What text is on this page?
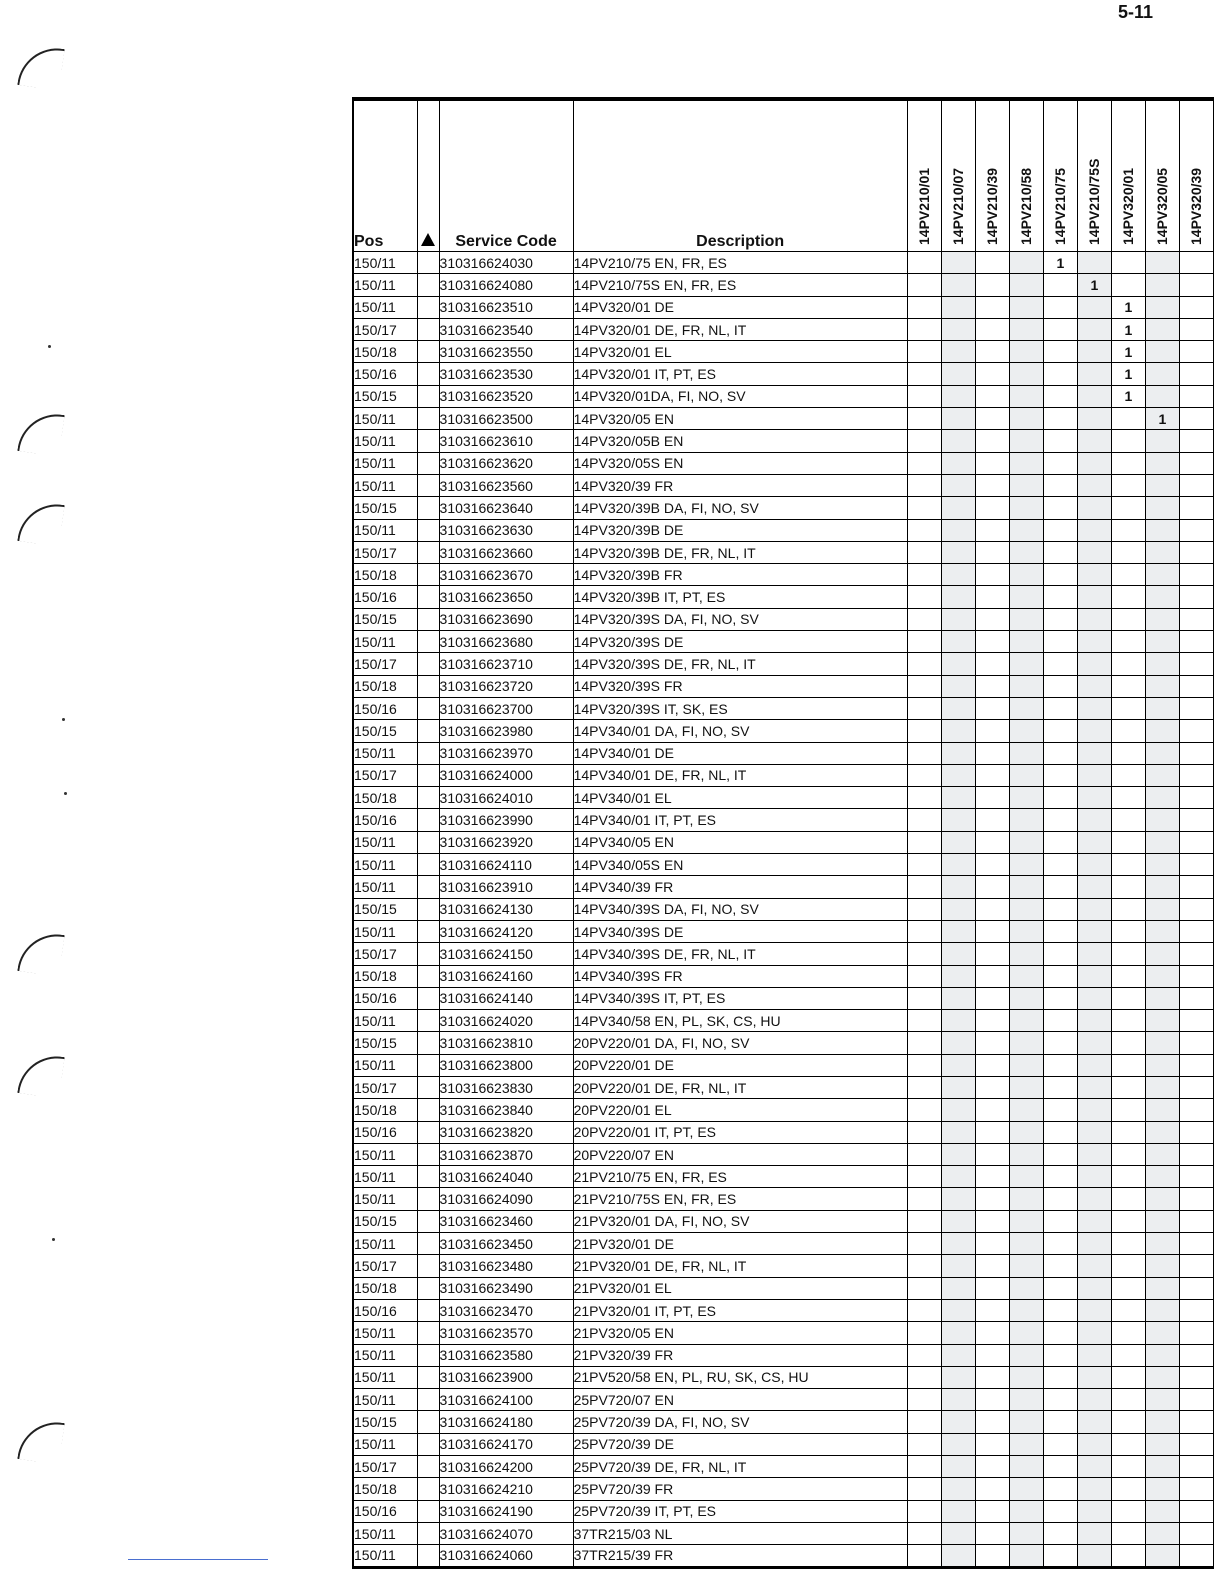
5-11
Pos		Service Code	Description	14PV210/01	14PV210/07	14PV210/39	14PV210/58	14PV210/75	14PV210/75S	14PV320/01	14PV320/05	14PV320/39

150/11		310316624030	14PV210/75 EN, FR, ES					1				
150/11		310316624080	14PV210/75S EN, FR, ES						1			
150/11		310316623510	14PV320/01 DE							1		
150/17		310316623540	14PV320/01 DE, FR, NL, IT							1		
150/18		310316623550	14PV320/01 EL							1		
150/16		310316623530	14PV320/01 IT, PT, ES							1		
150/15		310316623520	14PV320/01DA, FI, NO, SV							1		
150/11		310316623500	14PV320/05 EN								1	
150/11		310316623610	14PV320/05B EN									
150/11		310316623620	14PV320/05S EN									
150/11		310316623560	14PV320/39 FR									
150/15		310316623640	14PV320/39B DA, FI, NO, SV									
150/11		310316623630	14PV320/39B DE									
150/17		310316623660	14PV320/39B DE, FR, NL, IT									
150/18		310316623670	14PV320/39B FR									
150/16		310316623650	14PV320/39B IT, PT, ES									
150/15		310316623690	14PV320/39S DA, FI, NO, SV									
150/11		310316623680	14PV320/39S DE									
150/17		310316623710	14PV320/39S DE, FR, NL, IT									
150/18		310316623720	14PV320/39S FR									
150/16		310316623700	14PV320/39S IT, SK, ES									
150/15		310316623980	14PV340/01 DA, FI, NO, SV									
150/11		310316623970	14PV340/01 DE									
150/17		310316624000	14PV340/01 DE, FR, NL, IT									
150/18		310316624010	14PV340/01 EL									
150/16		310316623990	14PV340/01 IT, PT, ES									
150/11		310316623920	14PV340/05 EN									
150/11		310316624110	14PV340/05S EN									
150/11		310316623910	14PV340/39 FR									
150/15		310316624130	14PV340/39S DA, FI, NO, SV									
150/11		310316624120	14PV340/39S DE									
150/17		310316624150	14PV340/39S DE, FR, NL, IT									
150/18		310316624160	14PV340/39S FR									
150/16		310316624140	14PV340/39S IT, PT, ES									
150/11		310316624020	14PV340/58 EN, PL, SK, CS, HU									
150/15		310316623810	20PV220/01 DA, FI, NO, SV									
150/11		310316623800	20PV220/01 DE									
150/17		310316623830	20PV220/01 DE, FR, NL, IT									
150/18		310316623840	20PV220/01 EL									
150/16		310316623820	20PV220/01 IT, PT, ES									
150/11		310316623870	20PV220/07 EN									
150/11		310316624040	21PV210/75 EN, FR, ES									
150/11		310316624090	21PV210/75S EN, FR, ES									
150/15		310316623460	21PV320/01 DA, FI, NO, SV									
150/11		310316623450	21PV320/01 DE									
150/17		310316623480	21PV320/01 DE, FR, NL, IT									
150/18		310316623490	21PV320/01 EL									
150/16		310316623470	21PV320/01 IT, PT, ES									
150/11		310316623570	21PV320/05 EN									
150/11		310316623580	21PV320/39 FR									
150/11		310316623900	21PV520/58 EN, PL, RU, SK, CS, HU									
150/11		310316624100	25PV720/07 EN									
150/15		310316624180	25PV720/39 DA, FI, NO, SV									
150/11		310316624170	25PV720/39 DE									
150/17		310316624200	25PV720/39 DE, FR, NL, IT									
150/18		310316624210	25PV720/39 FR									
150/16		310316624190	25PV720/39 IT, PT, ES									
150/11		310316624070	37TR215/03 NL									
150/11		310316624060	37TR215/39 FR									
